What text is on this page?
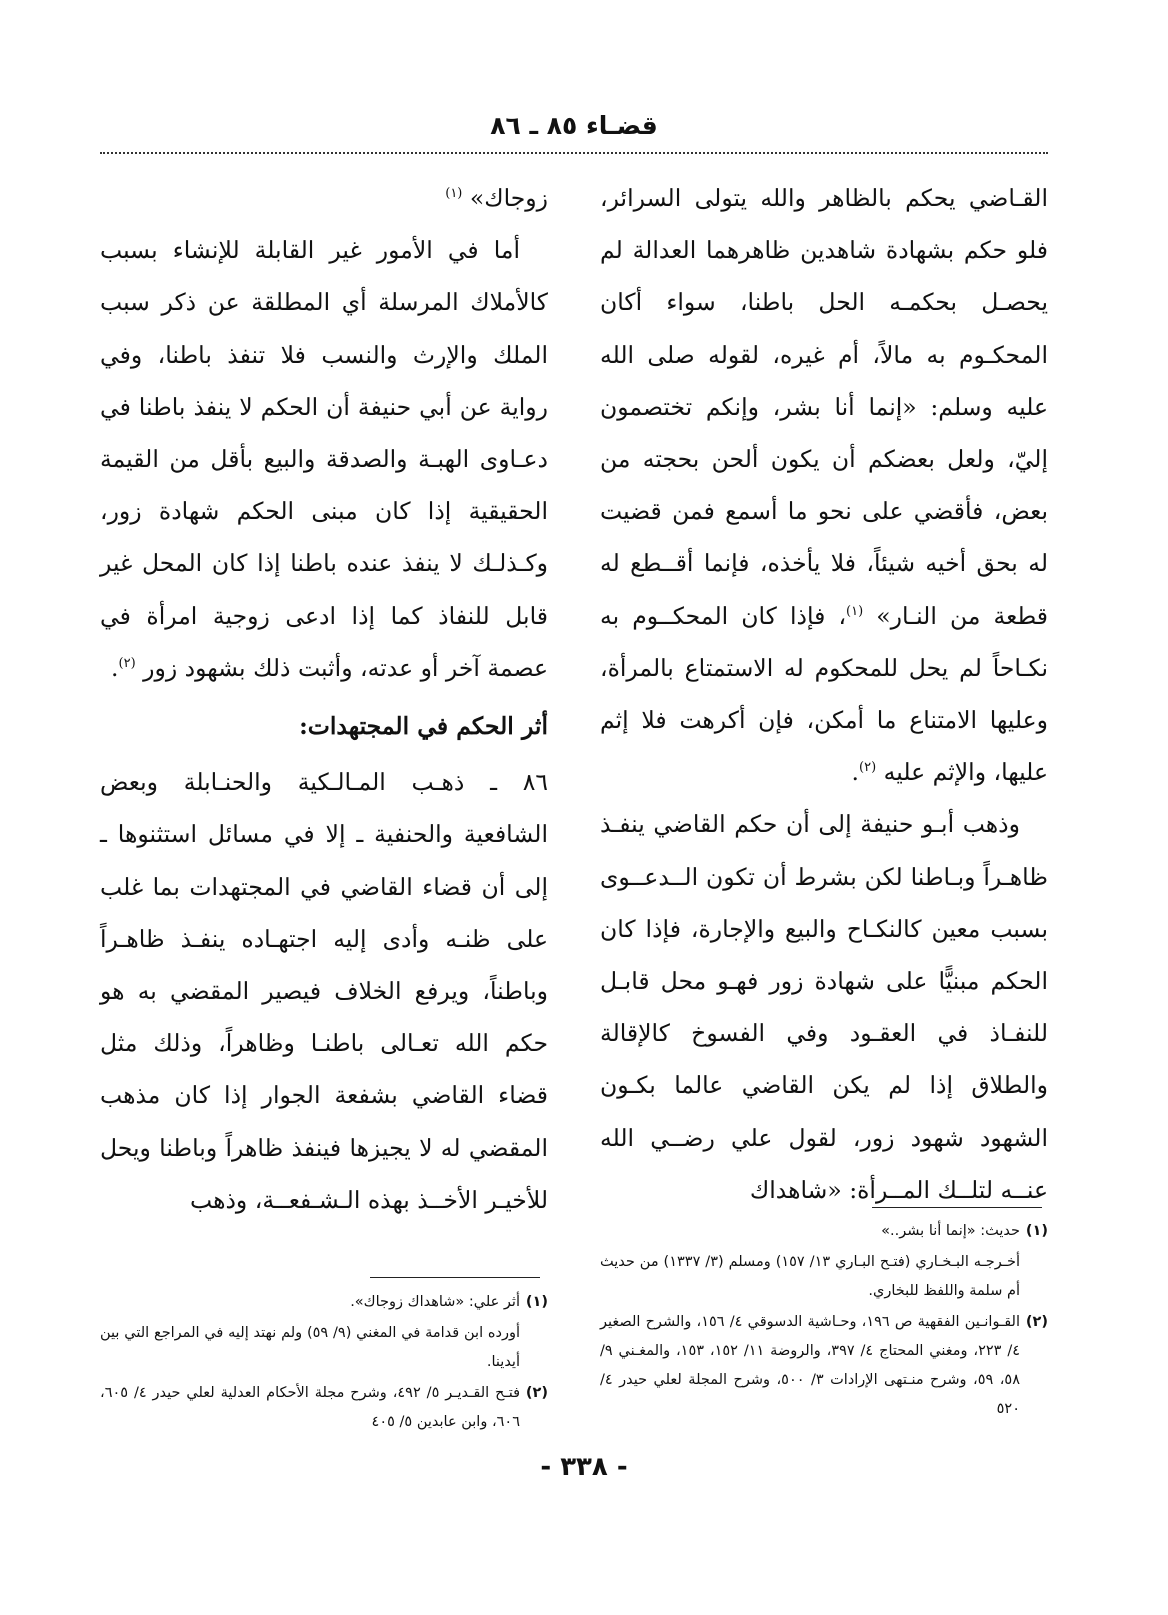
قضـاء ٨٥ ـ ٨٦

القـاضي يحكم بالظاهر والله يتولى السرائر، فلو حكم بشهادة شاهدين ظاهرهما العدالة لم يحصـل بحكمـه الحل باطنا، سواء أكان المحكـوم به مالاً، أم غيره، لقوله صلى الله عليه وسلم: «إنما أنا بشر، وإنكم تختصمون إليّ، ولعل بعضكم أن يكون ألحن بحجته من بعض، فأقضي على نحو ما أسمع فمن قضيت له بحق أخيه شيئاً، فلا يأخذه، فإنما أقــطع له قطعة من النـار» $^{(١)}$، فإذا كان المحكــوم به نكـاحاً لم يحل للمحكوم له الاستمتاع بالمرأة، وعليها الامتناع ما أمكن، فإن أكرهت فلا إثم عليها، والإثم عليه $^{(٢)}$.

وذهب أبـو حنيفة إلى أن حكم القاضي ينفـذ ظاهـراً وبـاطنا لكن بشرط أن تكون الــدعــوى بسبب معين كالنكـاح والبيع والإجارة، فإذا كان الحكم مبنيًّا على شهادة زور فهـو محل قابـل للنفـاذ في العقـود وفي الفسوخ كالإقالة والطلاق إذا لم يكن القاضي عالما بكـون الشهود شهود زور، لقول علي رضــي الله عنــه لتلــك المــرأة: «شاهداك

زوجاك» $^{(١)}$

أما في الأمور غير القابلة للإنشاء بسبب كالأملاك المرسلة أي المطلقة عن ذكر سبب الملك والإرث والنسب فلا تنفذ باطنا، وفي رواية عن أبي حنيفة أن الحكم لا ينفذ باطنا في دعـاوى الهبـة والصدقة والبيع بأقل من القيمة الحقيقية إذا كان مبنى الحكم شهادة زور، وكـذلـك لا ينفذ عنده باطنا إذا كان المحل غير قابل للنفاذ كما إذا ادعى زوجية امرأة في عصمة آخر أو عدته، وأثبت ذلك بشهود زور $^{(٢)}$.

أثر الحكم في المجتهدات:

٨٦ ـ ذهـب المـالـكية والحنـابلة وبعض الشافعية والحنفية ـ إلا في مسائل استثنوها ـ إلى أن قضاء القاضي في المجتهدات بما غلب على ظنـه وأدى إليه اجتهـاده ينفـذ ظاهـراً وباطناً، ويرفع الخلاف فيصير المقضي به هو حكم الله تعـالى باطنـا وظاهراً، وذلك مثل قضاء القاضي بشفعة الجوار إذا كان مذهب المقضي له لا يجيزها فينفذ ظاهراً وباطنا ويحل للأخيـر الأخــذ بهذه الـشـفعــة، وذهب

(١)
حديث: «إنما أنا بشر..»

أخـرجـه البـخـاري (فتـح البـاري ١٣/ ١٥٧) ومسلم (٣/ ١٣٣٧) من حديث أم سلمة واللفظ للبخاري.

(٢)
القـوانـين الفقهية ص ١٩٦، وحـاشية الدسوقي ٤/ ١٥٦، والشرح الصغير ٤/ ٢٢٣، ومغني المحتاج ٤/ ٣٩٧، والروضة ١١/ ١٥٢، ١٥٣، والمغـني ٩/ ٥٨، ٥٩، وشرح منـتهى الإرادات ٣/ ٥٠٠، وشرح المجلة لعلي حيدر ٤/ ٥٢٠

(١)
أثر علي: «شاهداك زوجاك».

أورده ابن قدامة في المغني (٩/ ٥٩) ولم نهتد إليه في المراجع التي بين أيدينا.

(٢)
فتـح القـديـر ٥/ ٤٩٢، وشرح مجلة الأحكام العدلية لعلي حيدر ٤/ ٦٠٥، ٦٠٦، وابن عابدين ٥/ ٤٠٥

- ٣٣٨ -
